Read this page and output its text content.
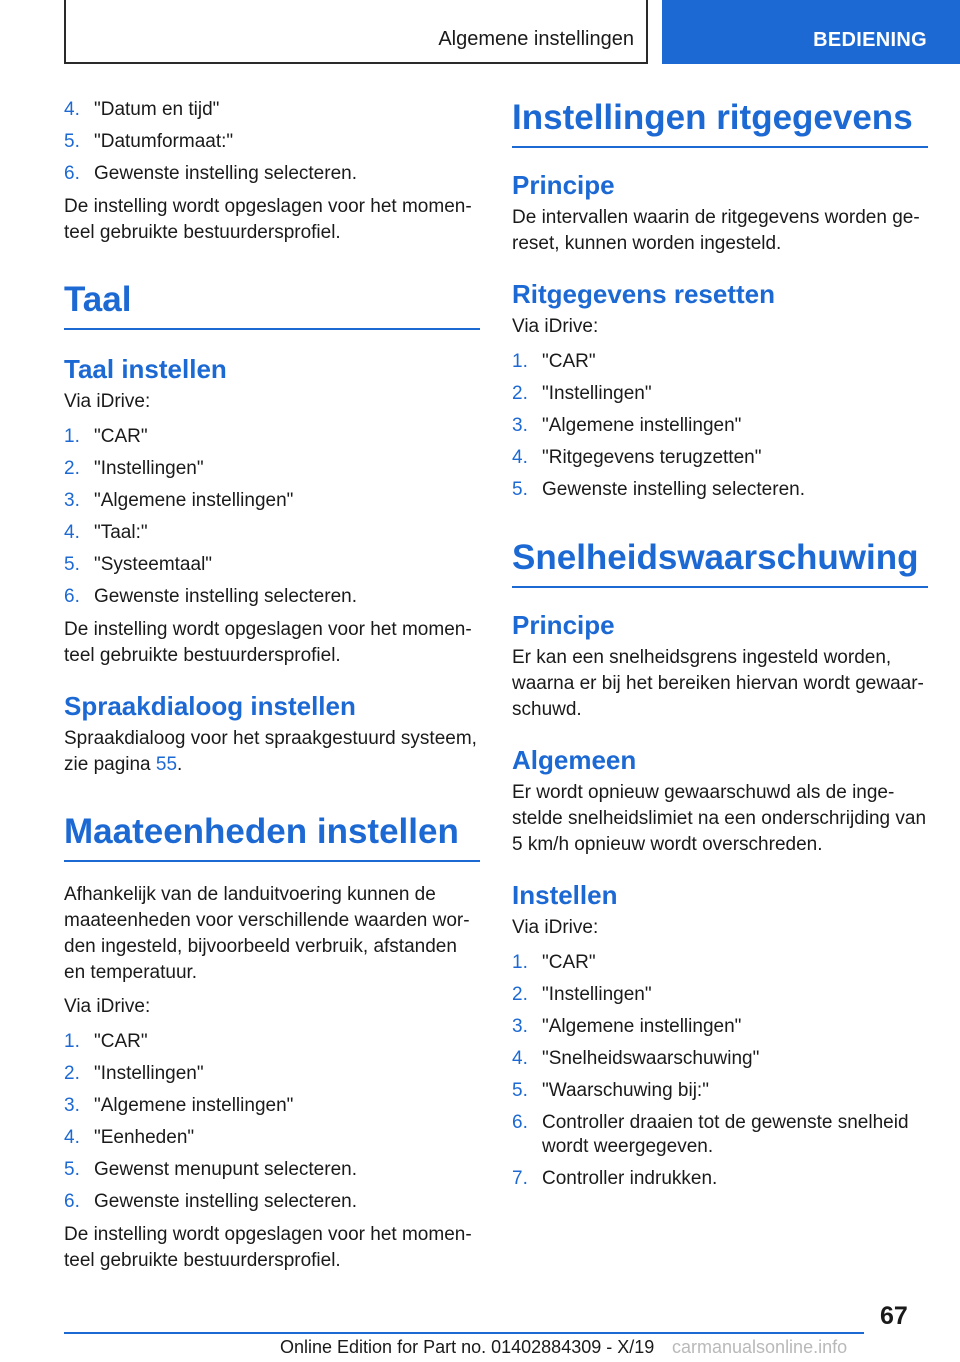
Algemene instellingen	BEDIENING
4. "Datum en tijd"
5. "Datumformaat:"
6. Gewenste instelling selecteren.

De instelling wordt opgeslagen voor het momen-teel gebruikte bestuurdersprofiel.

Taal
Taal instellen

Via iDrive:

1. "CAR"
2. "Instellingen"
3. "Algemene instellingen"
4. "Taal:"
5. "Systeemtaal"
6. Gewenste instelling selecteren.

De instelling wordt opgeslagen voor het momen-teel gebruikte bestuurdersprofiel.

Spraakdialoog instellen

Spraakdialoog voor het spraakgestuurd systeem, zie pagina 55.

Maateenheden instellen

Afhankelijk van de landuitvoering kunnen de maateenheden voor verschillende waarden wor-den ingesteld, bijvoorbeeld verbruik, afstanden en temperatuur.

Via iDrive:

1. "CAR"
2. "Instellingen"
3. "Algemene instellingen"
4. "Eenheden"
5. Gewenst menupunt selecteren.
6. Gewenste instelling selecteren.

De instelling wordt opgeslagen voor het momen-teel gebruikte bestuurdersprofiel.

Instellingen ritgegevens
Principe

De intervallen waarin de ritgegevens worden ge-reset, kunnen worden ingesteld.

Ritgegevens resetten

Via iDrive:

1. "CAR"
2. "Instellingen"
3. "Algemene instellingen"
4. "Ritgegevens terugzetten"
5. Gewenste instelling selecteren.
Snelheidswaarschuwing
Principe

Er kan een snelheidsgrens ingesteld worden, waarna er bij het bereiken hiervan wordt gewaar-schuwd.

Algemeen

Er wordt opnieuw gewaarschuwd als de inge-stelde snelheidslimiet na een onderschrijding van 5 km/h opnieuw wordt overschreden.

Instellen

Via iDrive:

1. "CAR"
2. "Instellingen"
3. "Algemene instellingen"
4. "Snelheidswaarschuwing"
5. "Waarschuwing bij:"
6. Controller draaien tot de gewenste snelheid wordt weergegeven.
7. Controller indrukken.
67
Online Edition for Part no. 01402884309 - X/19 carmanualsonline.info
